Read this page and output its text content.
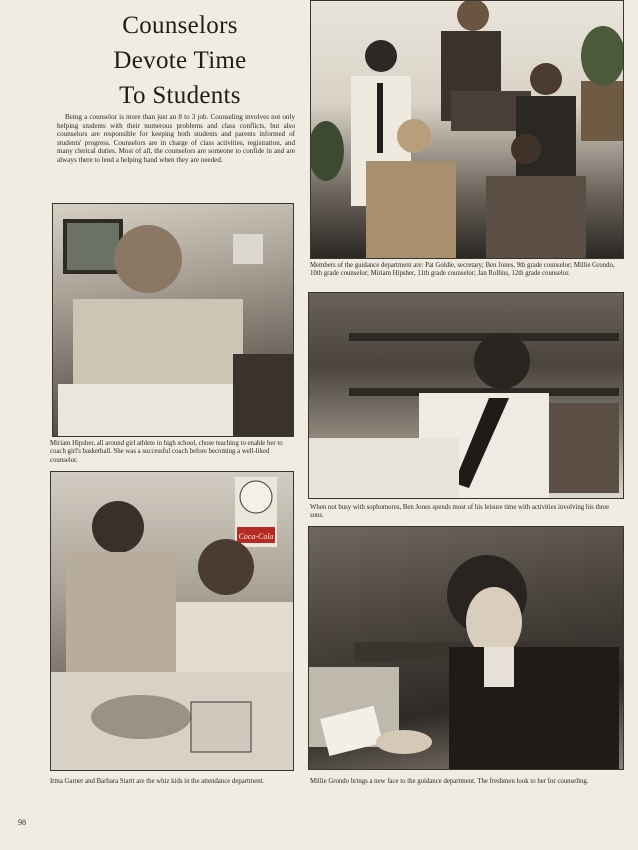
Counselors
Devote Time
To Students

Being a counselor is more than just an 8 to 3 job. Counseling involves not only helping students with their numerous problems and class conflicts, but also counselors are responsible for keeping both students and parents informed of students' progress. Counselors are in charge of class activities, registration, and many clerical duties. Most of all, the counselors are someone to confide in and are always there to lend a helping hand when they are needed.

Members of the guidance department are: Pat Goldie, secretary; Ben Jones, 9th grade counselor; Millie Grondo, 10th grade counselor; Miriam Hipsher, 11th grade counselor; Jan Rollins, 12th grade counselor.

Miriam Hipsher, all around girl athlete in high school, chose teaching to enable her to coach girl's basketball. She was a successful coach before becoming a well-liked counselor.

When not busy with sophomores, Ben Jones spends most of his leisure time with activities involving his three sons.

Coca-Cola

Irma Garner and Barbara Startt are the whiz kids in the attendance department.	Millie Grondo brings a new face to the guidance department. The freshmen look to her for counseling.

98
